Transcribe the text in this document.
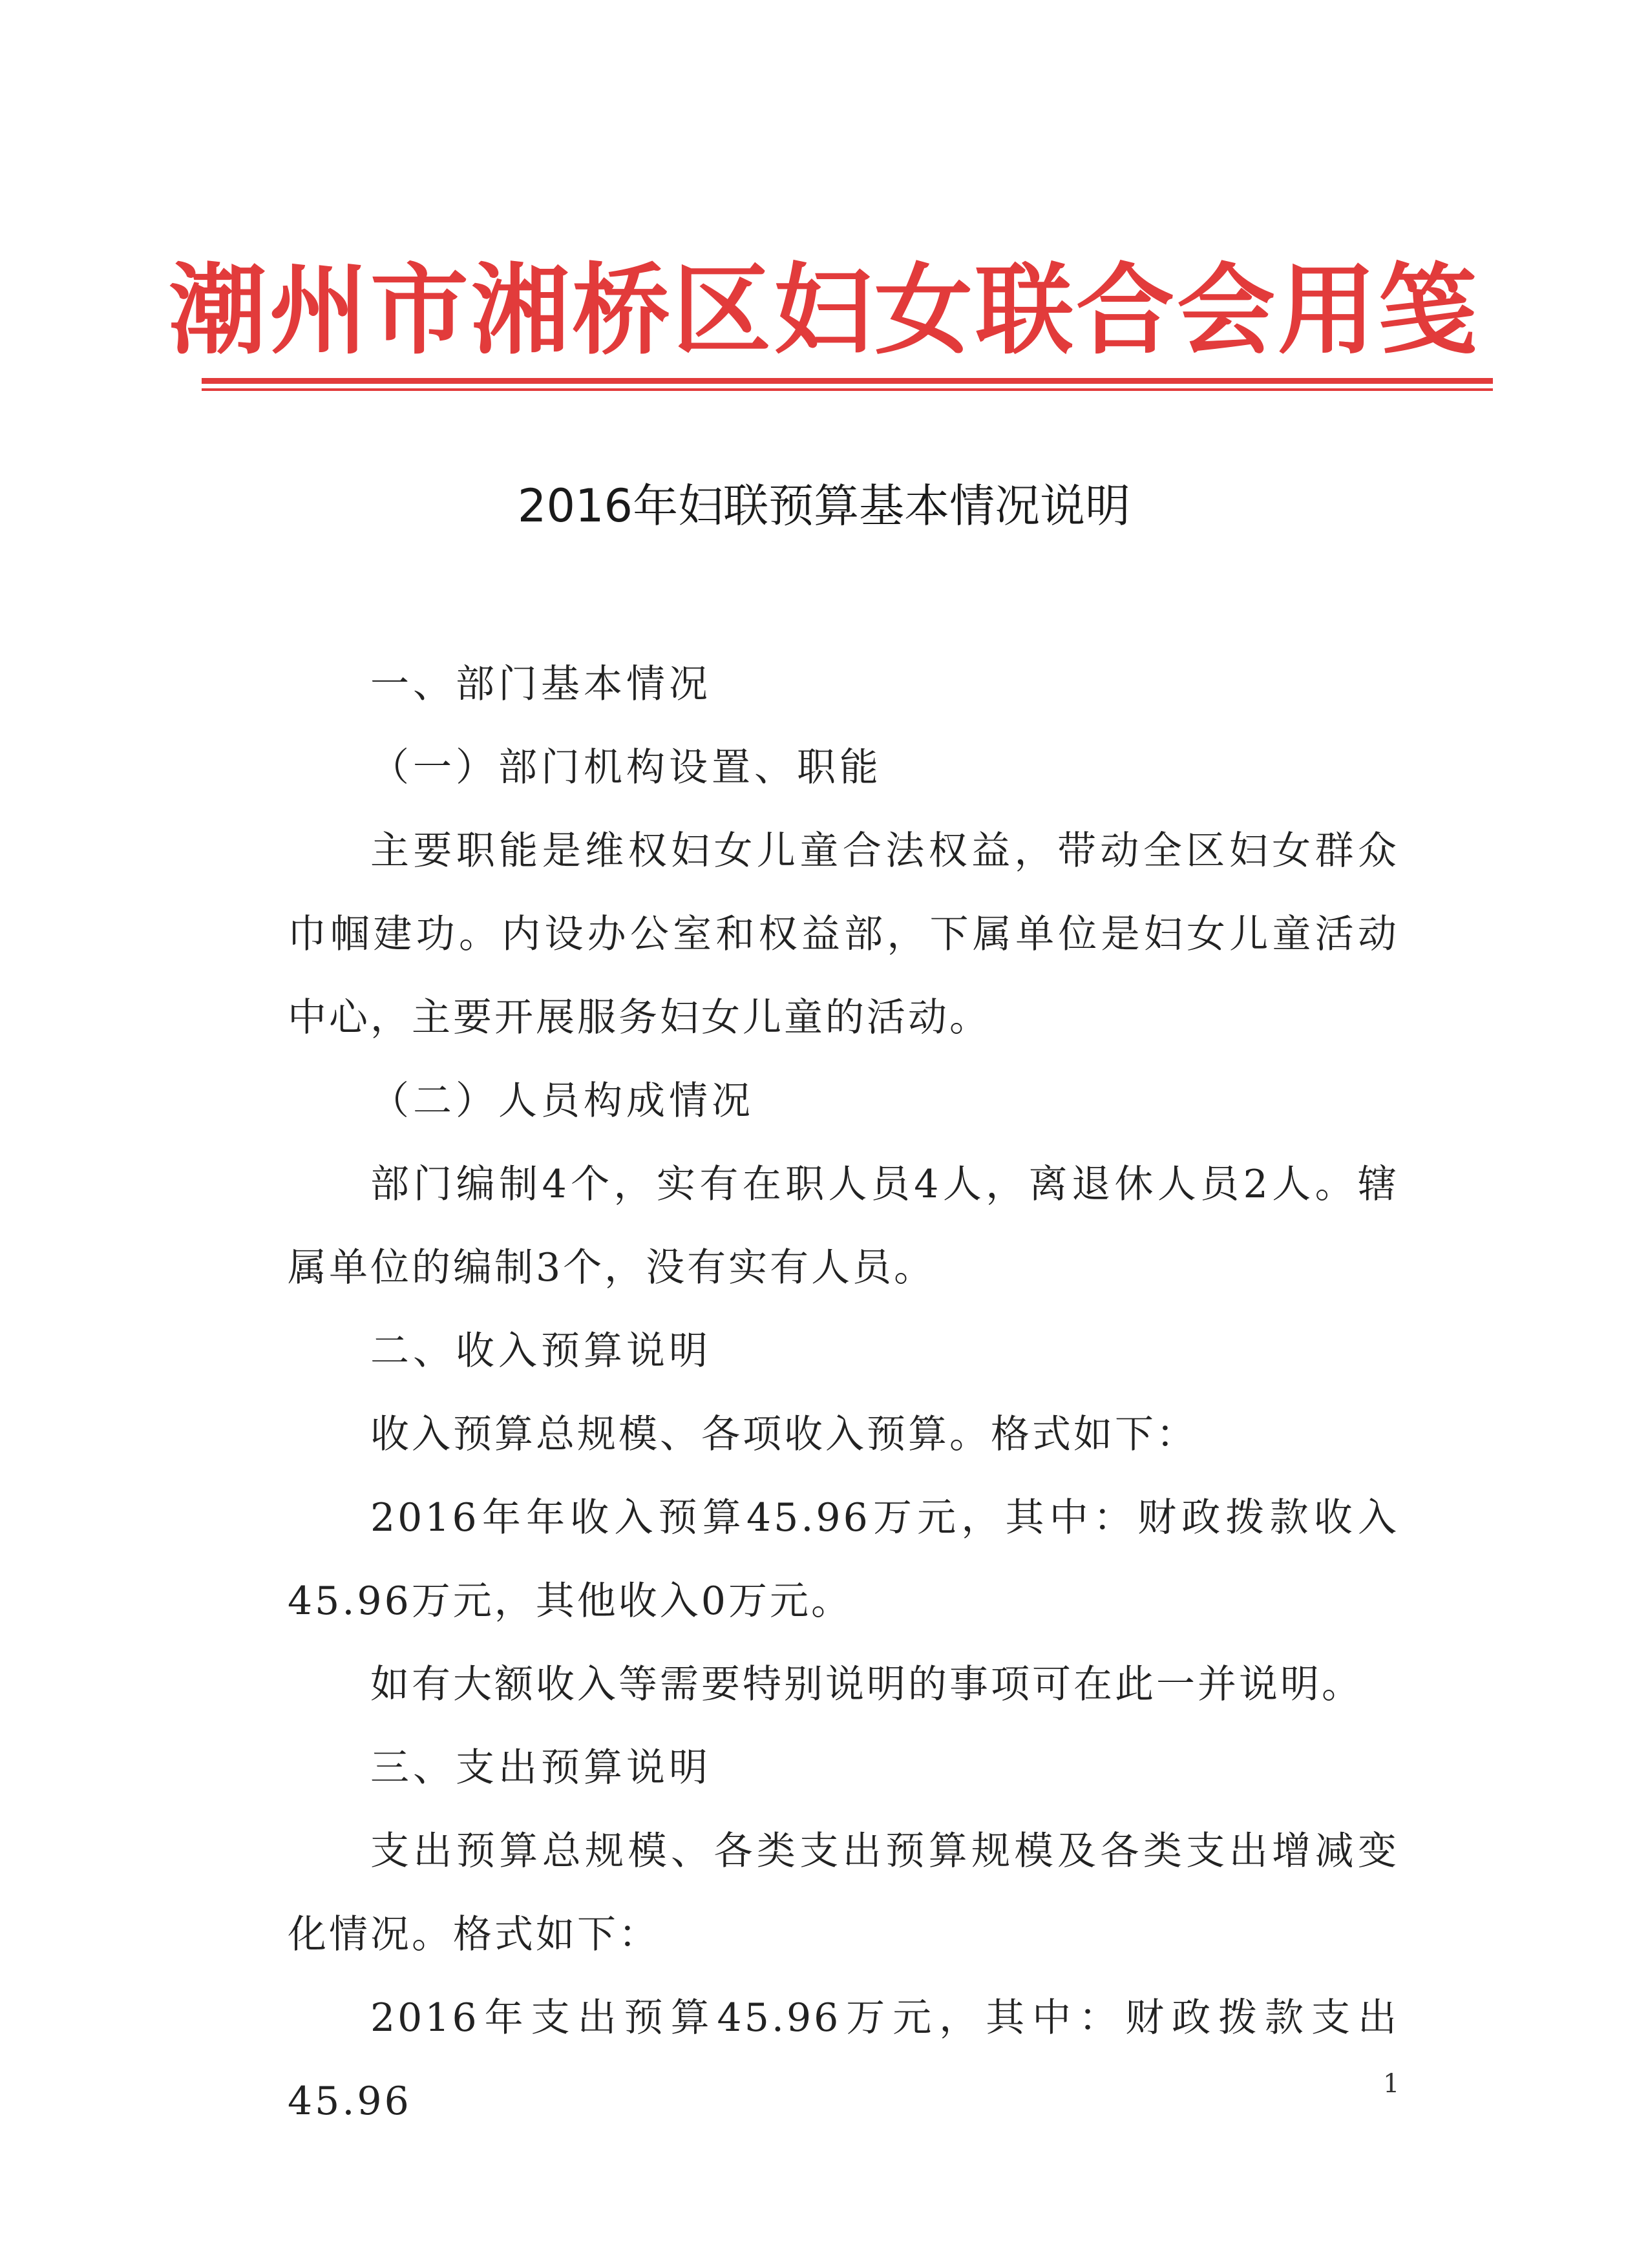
潮州市湘桥区妇女联合会用笺
2016年妇联预算基本情况说明

一、部门基本情况

（一）部门机构设置、职能

主要职能是维权妇女儿童合法权益，带动全区妇女群众巾帼建功。内设办公室和权益部，下属单位是妇女儿童活动中心，主要开展服务妇女儿童的活动。

（二）人员构成情况

部门编制4个，实有在职人员4人，离退休人员2人。辖属单位的编制3个，没有实有人员。

二、收入预算说明

收入预算总规模、各项收入预算。格式如下：

2016年年收入预算45.96万元，其中：财政拨款收入45.96万元，其他收入0万元。

如有大额收入等需要特别说明的事项可在此一并说明。

三、支出预算说明

支出预算总规模、各类支出预算规模及各类支出增减变化情况。格式如下：

2016年支出预算45.96万元，其中：财政拨款支出45.96	1
